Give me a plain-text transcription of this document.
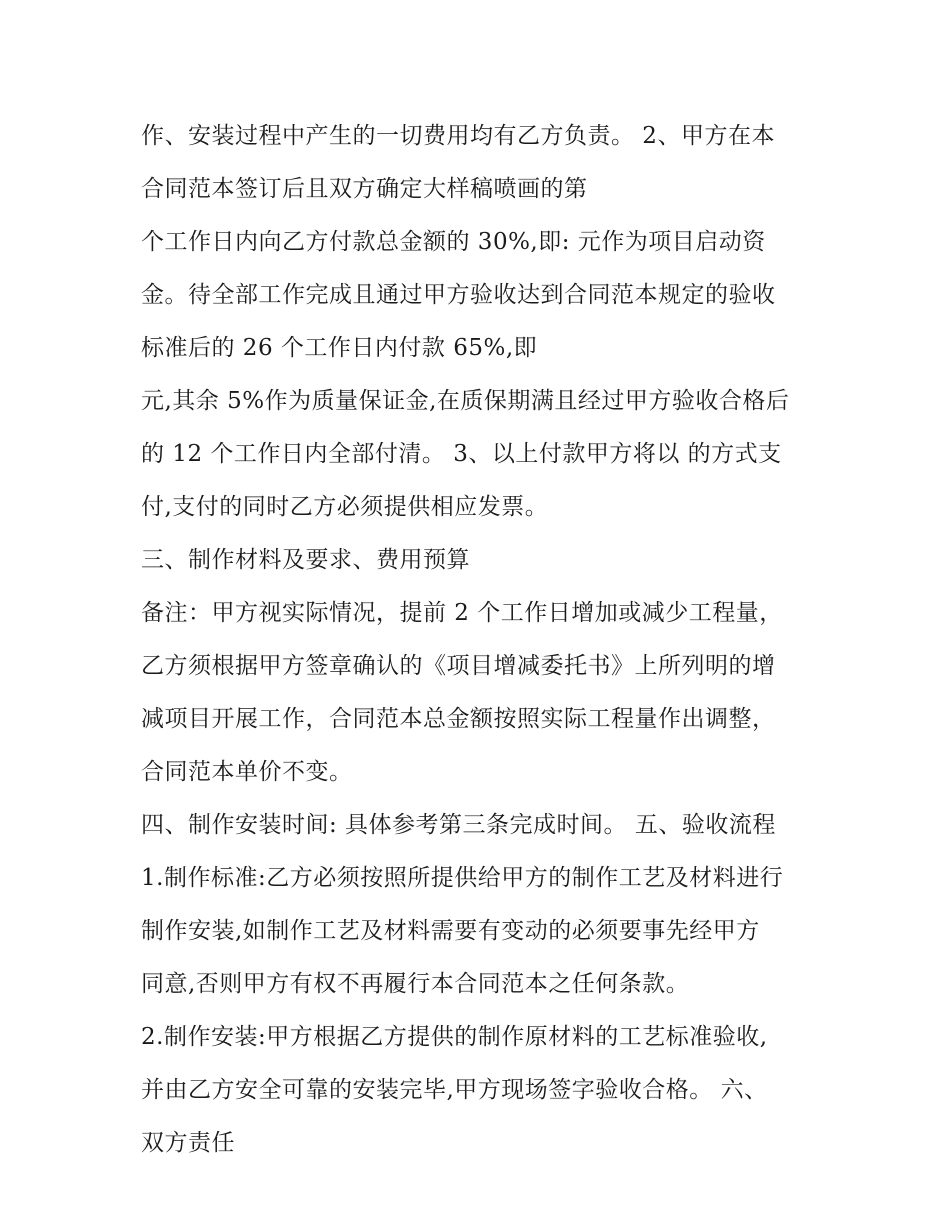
作、安装过程中产生的一切费用均有乙方负责。 2、甲方在本
合同范本签订后且双方确定大样稿喷画的第
个工作日内向乙方付款总金额的 30%,即: 元作为项目启动资
金。待全部工作完成且通过甲方验收达到合同范本规定的验收
标准后的 26 个工作日内付款 65%,即
元,其余 5%作为质量保证金,在质保期满且经过甲方验收合格后
的 12 个工作日内全部付清。 3、以上付款甲方将以 的方式支
付,支付的同时乙方必须提供相应发票。
三、制作材料及要求、费用预算
备注：甲方视实际情况，提前 2 个工作日增加或减少工程量，
乙方须根据甲方签章确认的《项目增减委托书》上所列明的增
减项目开展工作，合同范本总金额按照实际工程量作出调整，
合同范本单价不变。
四、制作安装时间: 具体参考第三条完成时间。 五、验收流程
1.制作标准:乙方必须按照所提供给甲方的制作工艺及材料进行
制作安装,如制作工艺及材料需要有变动的必须要事先经甲方
同意,否则甲方有权不再履行本合同范本之任何条款。
2.制作安装:甲方根据乙方提供的制作原材料的工艺标准验收,
并由乙方安全可靠的安装完毕,甲方现场签字验收合格。 六、
双方责任
